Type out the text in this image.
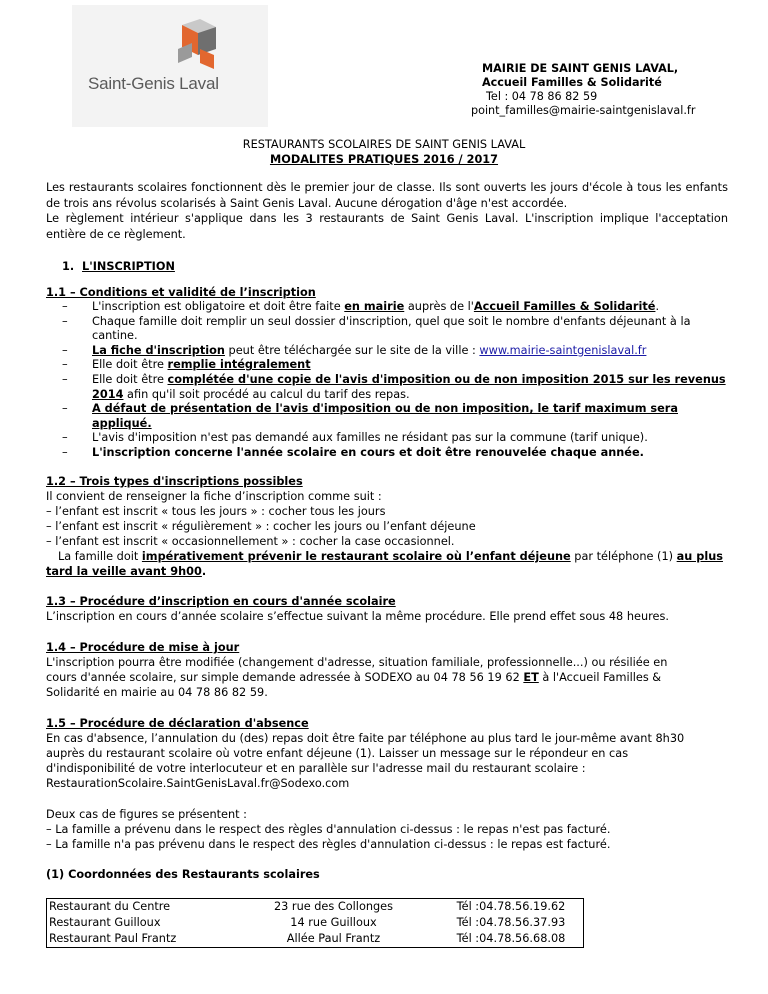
Saint-Genis Laval
MAIRIE DE SAINT GENIS LAVAL,
Accueil Familles & Solidarité
Tel : 04 78 86 82 59
point_familles@mairie-saintgenislaval.fr
RESTAURANTS SCOLAIRES DE SAINT GENIS LAVAL
MODALITES PRATIQUES 2016 / 2017
Les restaurants scolaires fonctionnent dès le premier jour de classe. Ils sont ouverts les jours d'école à tous les enfants de trois ans révolus scolarisés à Saint Genis Laval. Aucune dérogation d'âge n'est accordée.
Le règlement intérieur s'applique dans les 3 restaurants de Saint Genis Laval. L'inscription implique l'acceptation entière de ce règlement.
1. L'INSCRIPTION
1.1 – Conditions et validité de l’inscription
– L'inscription est obligatoire et doit être faite en mairie auprès de l'Accueil Familles & Solidarité.
– Chaque famille doit remplir un seul dossier d'inscription, quel que soit le nombre d'enfants déjeunant à la cantine.
– La fiche d'inscription peut être téléchargée sur le site de la ville : www.mairie-saintgenislaval.fr
– Elle doit être remplie intégralement
– Elle doit être complétée d'une copie de l'avis d'imposition ou de non imposition 2015 sur les revenus 2014 afin qu'il soit procédé au calcul du tarif des repas.
– A défaut de présentation de l'avis d'imposition ou de non imposition, le tarif maximum sera appliqué.
– L'avis d'imposition n'est pas demandé aux familles ne résidant pas sur la commune (tarif unique).
– L'inscription concerne l'année scolaire en cours et doit être renouvelée chaque année.
1.2 – Trois types d'inscriptions possibles
Il convient de renseigner la fiche d’inscription comme suit :
– l’enfant est inscrit « tous les jours » : cocher tous les jours
– l’enfant est inscrit « régulièrement » : cocher les jours ou l’enfant déjeune
– l’enfant est inscrit « occasionnellement » : cocher la case occasionnel.
La famille doit impérativement prévenir le restaurant scolaire où l’enfant déjeune par téléphone (1) au plus
tard la veille avant 9h00.
1.3 – Procédure d’inscription en cours d'année scolaire
L’inscription en cours d’année scolaire s’effectue suivant la même procédure. Elle prend effet sous 48 heures.
1.4 – Procédure de mise à jour
L'inscription pourra être modifiée (changement d'adresse, situation familiale, professionnelle...) ou résiliée en
cours d'année scolaire, sur simple demande adressée à SODEXO au 04 78 56 19 62 ET à l'Accueil Familles &
Solidarité en mairie au 04 78 86 82 59.
1.5 – Procédure de déclaration d'absence
En cas d'absence, l’annulation du (des) repas doit être faite par téléphone au plus tard le jour-même avant 8h30
auprès du restaurant scolaire où votre enfant déjeune (1). Laisser un message sur le répondeur en cas
d'indisponibilité de votre interlocuteur et en parallèle sur l'adresse mail du restaurant scolaire :
RestaurationScolaire.SaintGenisLaval.fr@Sodexo.com
Deux cas de figures se présentent :
– La famille a prévenu dans le respect des règles d'annulation ci-dessus : le repas n'est pas facturé.
– La famille n'a pas prévenu dans le respect des règles d'annulation ci-dessus : le repas est facturé.
(1) Coordonnées des Restaurants scolaires
Restaurant du Centre		23 rue des Collonges		Tél :04.78.56.19.62
Restaurant Guilloux		14 rue Guilloux		Tél :04.78.56.37.93
Restaurant Paul Frantz		Allée Paul Frantz		Tél :04.78.56.68.08
